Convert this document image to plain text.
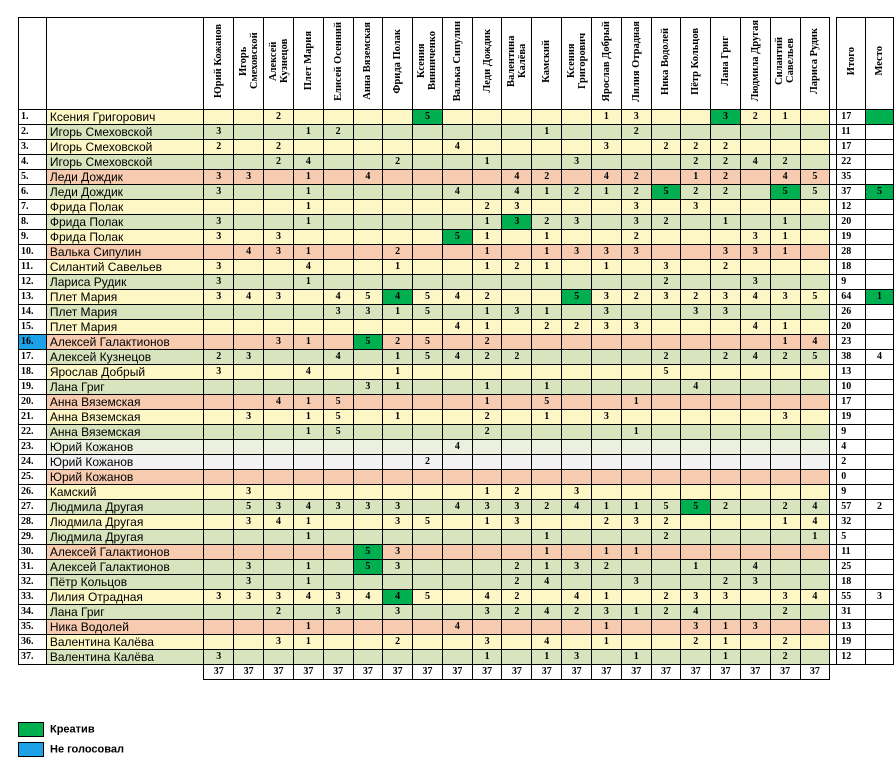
		Юрий Кожанов	Игорь Смеховской	Алексей Кузнецов	Плет Мария	Елисей Осенний	Анна Вяземская	Фрида Полак	Ксения Винниченко	Валька Сипулин	Леди Дождик	Валентина Калёва	Камский	Ксения Григорович	Ярослав Добрый	Лилия Отрадная	Ника Водолей	Пётр Кольцов	Лана Григ	Людмила Другая	Силантий Савельев	Лариса Рудик		Итого	Место
1.	Ксения Григорович			2					5						1	3			3	2	1			17	
2.	Игорь Смеховской	3			1	2							1			2								11	
3.	Игорь Смеховской	2		2						4					3		2	2	2					17	
4.	Игорь Смеховской			2	4			2			1			3				2	2	4	2			22	
5.	Леди Дождик	3	3		1		4					4	2		4	2		1	2		4	5		35	
6.	Леди Дождик	3			1					4		4	1	2	1	2	5	2	2		5	5		37	5
7.	Фрида Полак				1						2	3				3		3						12	
8.	Фрида Полак	3			1						1	3	2	3		3	2		1		1			20	
9.	Фрида Полак	3		3						5	1		1			2				3	1			19	
10.	Валька Сипулин		4	3	1			2			1		1	3	3	3			3	3	1			28	
11.	Силантий Савельев	3			4			1			1	2	1		1		3		2					18	
12.	Лариса Рудик	3			1												2			3				9	
13.	Плет Мария	3	4	3		4	5	4	5	4	2			5	3	2	3	2	3	4	3	5		64	1
14.	Плет Мария					3	3	1	5		1	3	1		3			3	3					26	
15.	Плет Мария									4	1		2	2	3	3				4	1			20	
16.	Алексей Галактионов			3	1		5	2	5		2										1	4		23	
17.	Алексей Кузнецов	2	3			4		1	5	4	2	2					2		2	4	2	5		38	4
18.	Ярослав Добрый	3			4			1									5							13	
19.	Лана Григ						3	1			1		1					4						10	
20.	Анна Вяземская			4	1	5					1		5			1								17	
21.	Анна Вяземская		3		1	5		1			2		1		3						3			19	
22.	Анна Вяземская				1	5					2					1								9	
23.	Юрий Кожанов									4														4	
24.	Юрий Кожанов								2															2	
25.	Юрий Кожанов																							0	
26.	Камский		3								1	2		3										9	
27.	Людмила Другая		5	3	4	3	3	3		4	3	3	2	4	1	1	5	5	2		2	4		57	2
28.	Людмила Другая		3	4	1			3	5		1	3			2	3	2				1	4		32	
29.	Людмила Другая				1								1				2					1		5	
30.	Алексей Галактионов						5	3					1		1	1								11	
31.	Алексей Галактионов		3		1		5	3				2	1	3	2			1		4				25	
32.	Пётр Кольцов		3		1							2	4			3			2	3				18	
33.	Лилия Отрадная	3	3	3	4	3	4	4	5		4	2		4	1		2	3	3		3	4		55	3
34.	Лана Григ			2		3		3			3	2	4	2	3	1	2	4			2			31	
35.	Ника Водолей				1					4					1			3	1	3				13	
36.	Валентина Калёва			3	1			2			3		4		1			2	1		2			19	
37.	Валентина Калёва	3									1		1	3		1			1		2			12	
		37	37	37	37	37	37	37	37	37	37	37	37	37	37	37	37	37	37	37	37	37			
Креатив
Не голосовал
